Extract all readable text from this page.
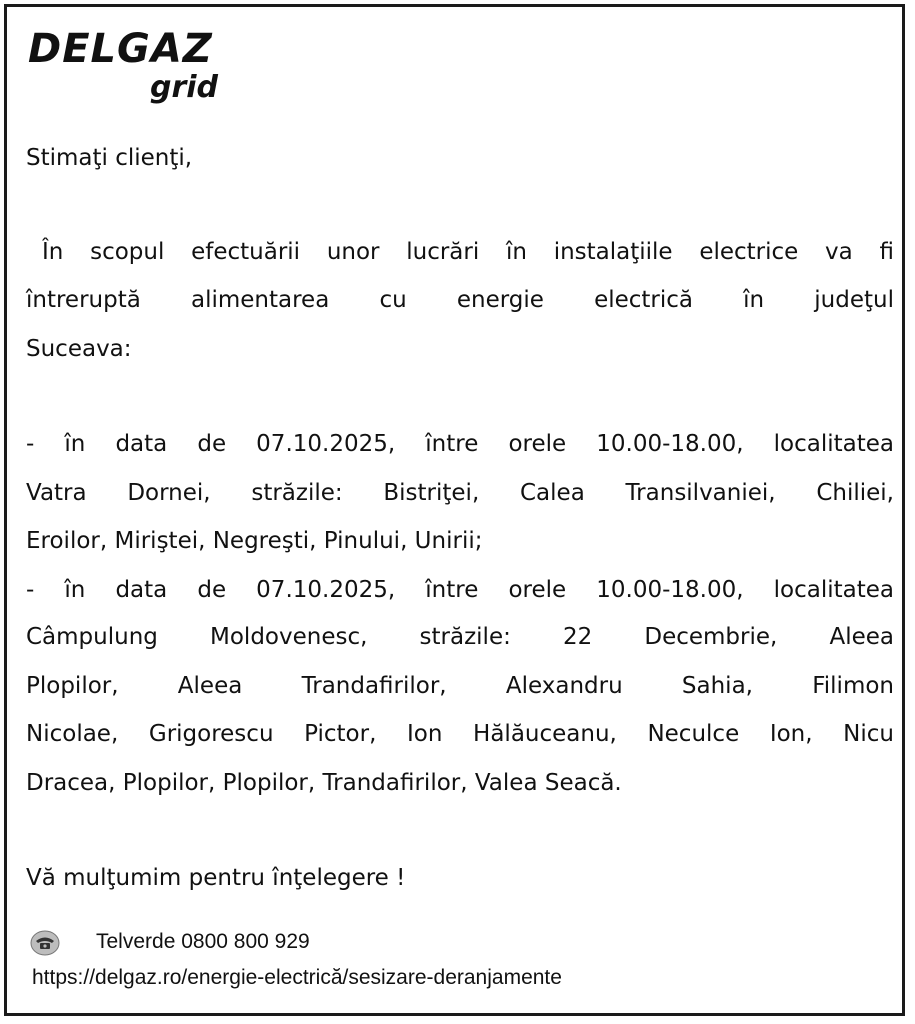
DELGAZ
grid
Stimaţi clienţi,
În scopul efectuării unor lucrări în instalaţiile electrice va fi
întreruptă alimentarea cu energie electrică în judeţul
Suceava:
- în data de 07.10.2025, între orele 10.00-18.00, localitatea
Vatra Dornei, străzile: Bistriţei, Calea Transilvaniei, Chiliei,
Eroilor, Miriştei, Negreşti, Pinului, Unirii;
- în data de 07.10.2025, între orele 10.00-18.00, localitatea
Câmpulung Moldovenesc, străzile: 22 Decembrie, Aleea
Plopilor, Aleea Trandafirilor, Alexandru Sahia, Filimon
Nicolae, Grigorescu Pictor, Ion Hălăuceanu, Neculce Ion, Nicu
Dracea, Plopilor, Plopilor, Trandafirilor, Valea Seacă.
Vă mulţumim pentru înţelegere !
Telverde 0800 800 929
https://delgaz.ro/energie-electrică/sesizare-deranjamente
